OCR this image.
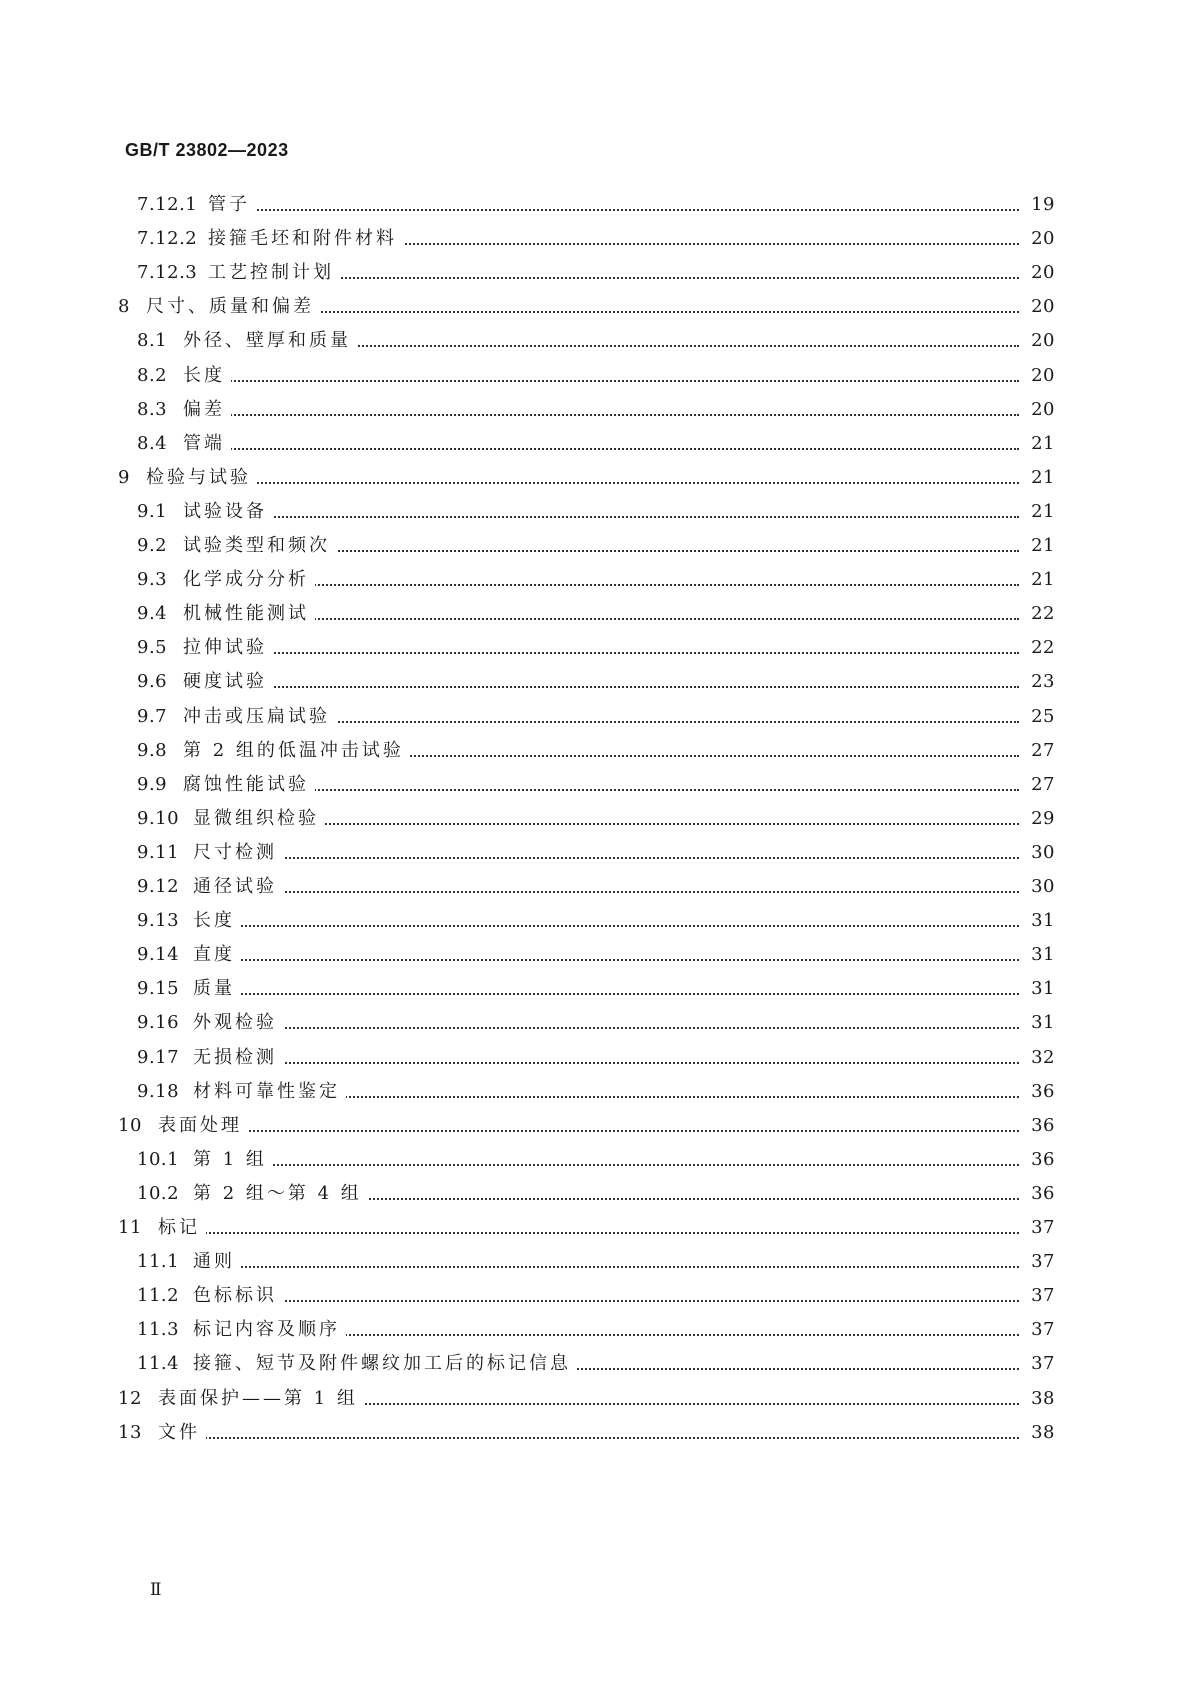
GB/T 23802—2023
7.12.1 管子	19
7.12.2 接箍毛坯和附件材料	20
7.12.3 工艺控制计划	20
8 尺寸、质量和偏差	20
8.1 外径、壁厚和质量	20
8.2 长度	20
8.3 偏差	20
8.4 管端	21
9 检验与试验	21
9.1 试验设备	21
9.2 试验类型和频次	21
9.3 化学成分分析	21
9.4 机械性能测试	22
9.5 拉伸试验	22
9.6 硬度试验	23
9.7 冲击或压扁试验	25
9.8 第 2 组的低温冲击试验	27
9.9 腐蚀性能试验	27
9.10 显微组织检验	29
9.11 尺寸检测	30
9.12 通径试验	30
9.13 长度	31
9.14 直度	31
9.15 质量	31
9.16 外观检验	31
9.17 无损检测	32
9.18 材料可靠性鉴定	36
10 表面处理	36
10.1 第 1 组	36
10.2 第 2 组～第 4 组	36
11 标记	37
11.1 通则	37
11.2 色标标识	37
11.3 标记内容及顺序	37
11.4 接箍、短节及附件螺纹加工后的标记信息	37
12 表面保护——第 1 组	38
13 文件	38
Ⅱ
